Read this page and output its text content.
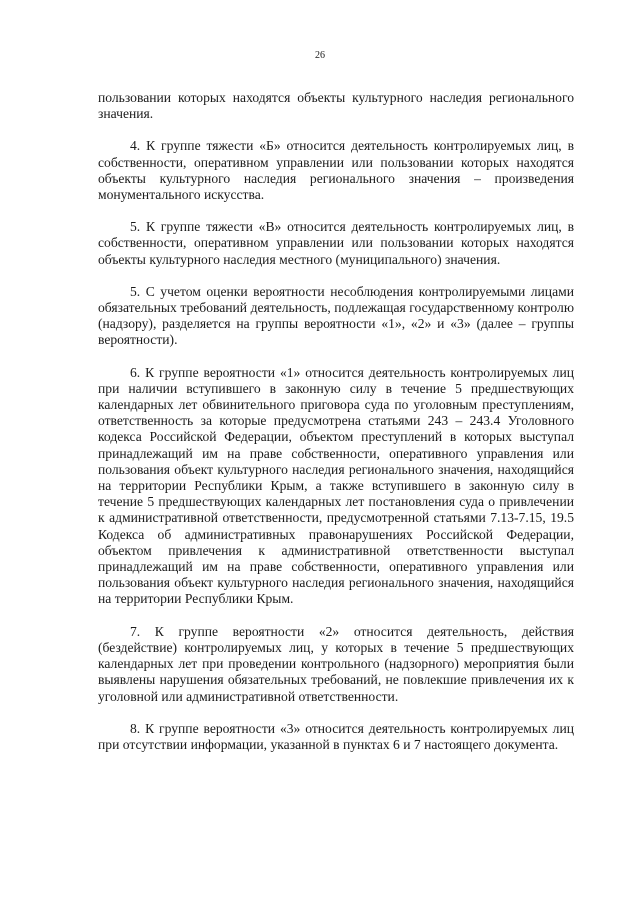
26

пользовании которых находятся объекты культурного наследия регионального значения.

4. К группе тяжести «Б» относится деятельность контролируемых лиц, в собственности, оперативном управлении или пользовании которых находятся объекты культурного наследия регионального значения – произведения монументального искусства.

5. К группе тяжести «В» относится деятельность контролируемых лиц, в собственности, оперативном управлении или пользовании которых находятся объекты культурного наследия местного (муниципального) значения.

5. С учетом оценки вероятности несоблюдения контролируемыми лицами обязательных требований деятельность, подлежащая государственному контролю (надзору), разделяется на группы вероятности «1», «2» и «3» (далее – группы вероятности).

6. К группе вероятности «1» относится деятельность контролируемых лиц при наличии вступившего в законную силу в течение 5 предшествующих календарных лет обвинительного приговора суда по уголовным преступлениям, ответственность за которые предусмотрена статьями 243 – 243.4 Уголовного кодекса Российской Федерации, объектом преступлений в которых выступал принадлежащий им на праве собственности, оперативного управления или пользования объект культурного наследия регионального значения, находящийся на территории Республики Крым, а также вступившего в законную силу в течение 5 предшествующих календарных лет постановления суда о привлечении к административной ответственности, предусмотренной статьями 7.13-7.15, 19.5 Кодекса об административных правонарушениях Российской Федерации, объектом привлечения к административной ответственности выступал принадлежащий им на праве собственности, оперативного управления или пользования объект культурного наследия регионального значения, находящийся на территории Республики Крым.

7. К группе вероятности «2» относится деятельность, действия (бездействие) контролируемых лиц, у которых в течение 5 предшествующих календарных лет при проведении контрольного (надзорного) мероприятия были выявлены нарушения обязательных требований, не повлекшие привлечения их к уголовной или административной ответственности.

8. К группе вероятности «3» относится деятельность контролируемых лиц при отсутствии информации, указанной в пунктах 6 и 7 настоящего документа.
